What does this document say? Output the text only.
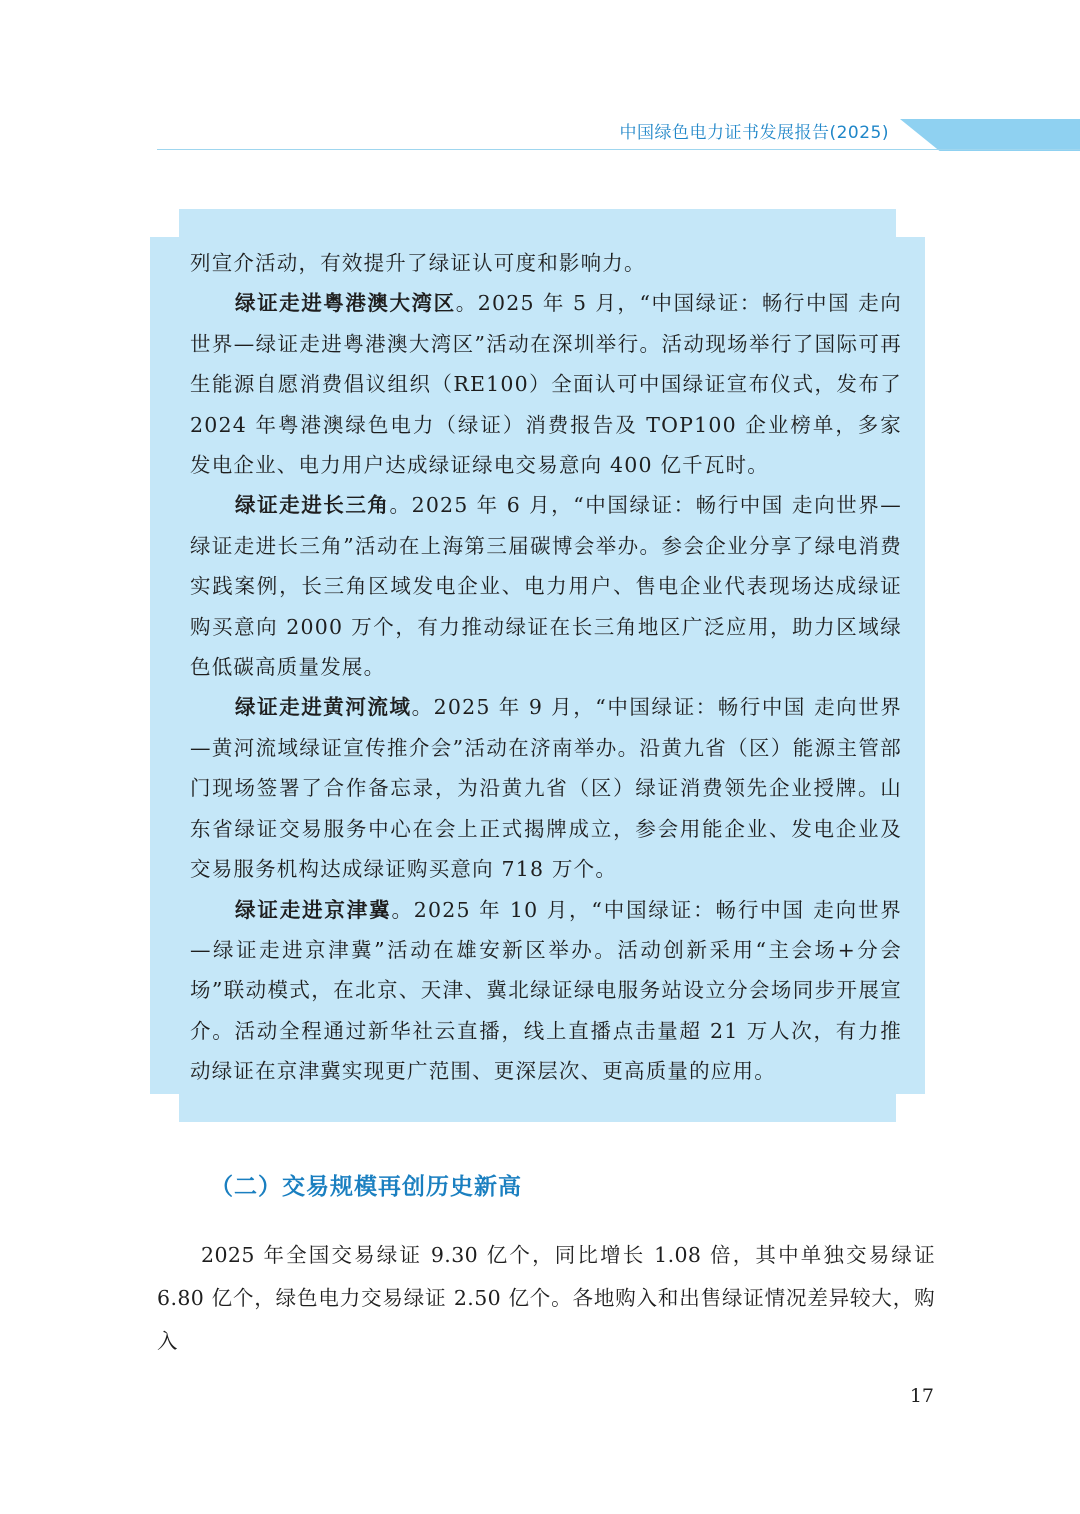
中国绿色电力证书发展报告(2025)

列宣介活动，有效提升了绿证认可度和影响力。

绿证走进粤港澳大湾区。2025 年 5 月，“中国绿证：畅行中国 走向世界—绿证走进粤港澳大湾区”活动在深圳举行。活动现场举行了国际可再生能源自愿消费倡议组织（RE100）全面认可中国绿证宣布仪式，发布了 2024 年粤港澳绿色电力（绿证）消费报告及 TOP100 企业榜单，多家发电企业、电力用户达成绿证绿电交易意向 400 亿千瓦时。

绿证走进长三角。2025 年 6 月，“中国绿证：畅行中国 走向世界—绿证走进长三角”活动在上海第三届碳博会举办。参会企业分享了绿电消费实践案例，长三角区域发电企业、电力用户、售电企业代表现场达成绿证购买意向 2000 万个，有力推动绿证在长三角地区广泛应用，助力区域绿色低碳高质量发展。

绿证走进黄河流域。2025 年 9 月，“中国绿证：畅行中国 走向世界—黄河流域绿证宣传推介会”活动在济南举办。沿黄九省（区）能源主管部门现场签署了合作备忘录，为沿黄九省（区）绿证消费领先企业授牌。山东省绿证交易服务中心在会上正式揭牌成立，参会用能企业、发电企业及交易服务机构达成绿证购买意向 718 万个。

绿证走进京津冀。2025 年 10 月，“中国绿证：畅行中国 走向世界—绿证走进京津冀”活动在雄安新区举办。活动创新采用“主会场+分会场”联动模式，在北京、天津、冀北绿证绿电服务站设立分会场同步开展宣介。活动全程通过新华社云直播，线上直播点击量超 21 万人次，有力推动绿证在京津冀实现更广范围、更深层次、更高质量的应用。

（二）交易规模再创历史新高

2025 年全国交易绿证 9.30 亿个，同比增长 1.08 倍，其中单独交易绿证 6.80 亿个，绿色电力交易绿证 2.50 亿个。各地购入和出售绿证情况差异较大，购入

17
